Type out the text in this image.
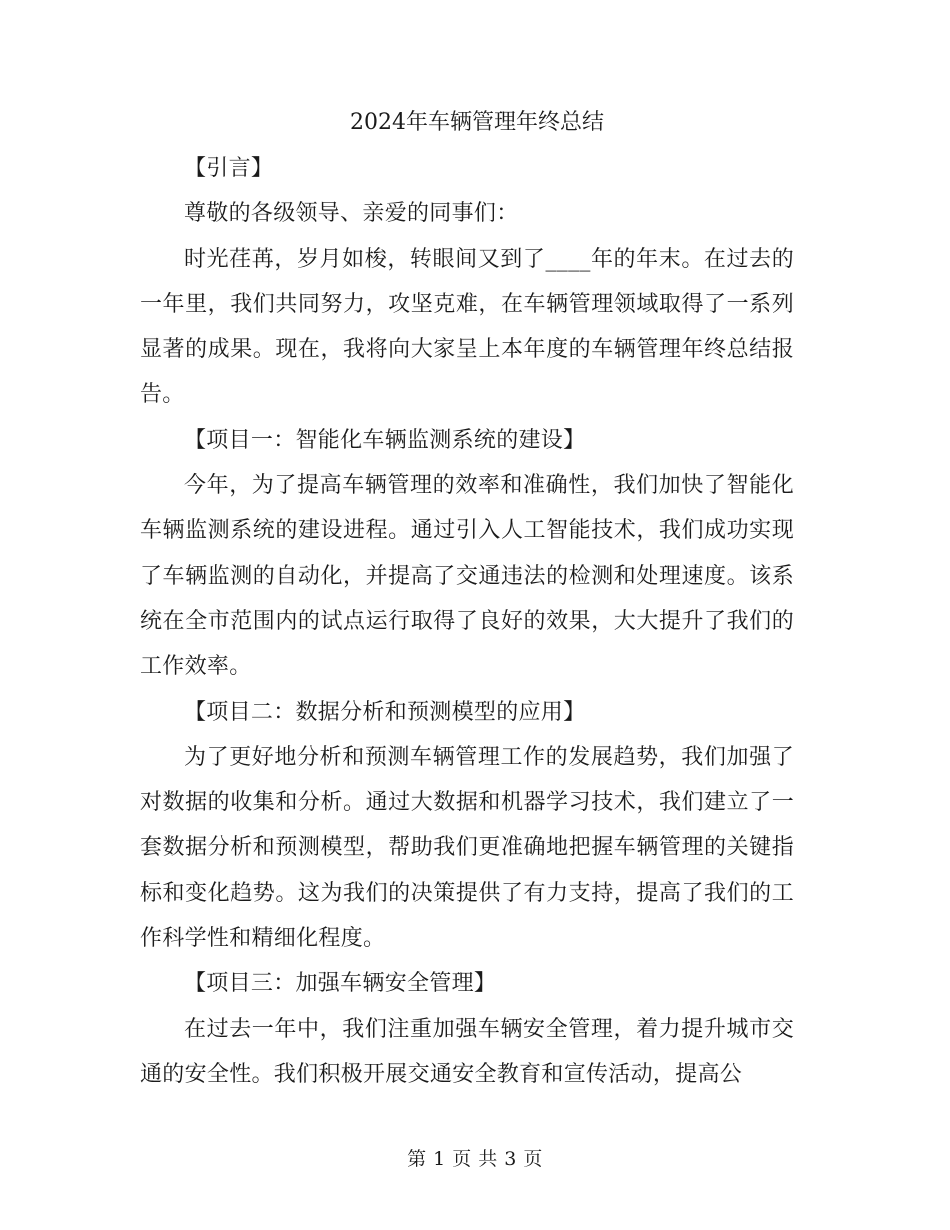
2024年车辆管理年终总结

【引言】

尊敬的各级领导、亲爱的同事们：

时光荏苒，岁月如梭，转眼间又到了____年的年末。在过去的一年里，我们共同努力，攻坚克难，在车辆管理领域取得了一系列显著的成果。现在，我将向大家呈上本年度的车辆管理年终总结报告。

【项目一：智能化车辆监测系统的建设】

今年，为了提高车辆管理的效率和准确性，我们加快了智能化车辆监测系统的建设进程。通过引入人工智能技术，我们成功实现了车辆监测的自动化，并提高了交通违法的检测和处理速度。该系统在全市范围内的试点运行取得了良好的效果，大大提升了我们的工作效率。

【项目二：数据分析和预测模型的应用】

为了更好地分析和预测车辆管理工作的发展趋势，我们加强了对数据的收集和分析。通过大数据和机器学习技术，我们建立了一套数据分析和预测模型，帮助我们更准确地把握车辆管理的关键指标和变化趋势。这为我们的决策提供了有力支持，提高了我们的工作科学性和精细化程度。

【项目三：加强车辆安全管理】

在过去一年中，我们注重加强车辆安全管理，着力提升城市交通的安全性。我们积极开展交通安全教育和宣传活动，提高公

第 1 页 共 3 页
